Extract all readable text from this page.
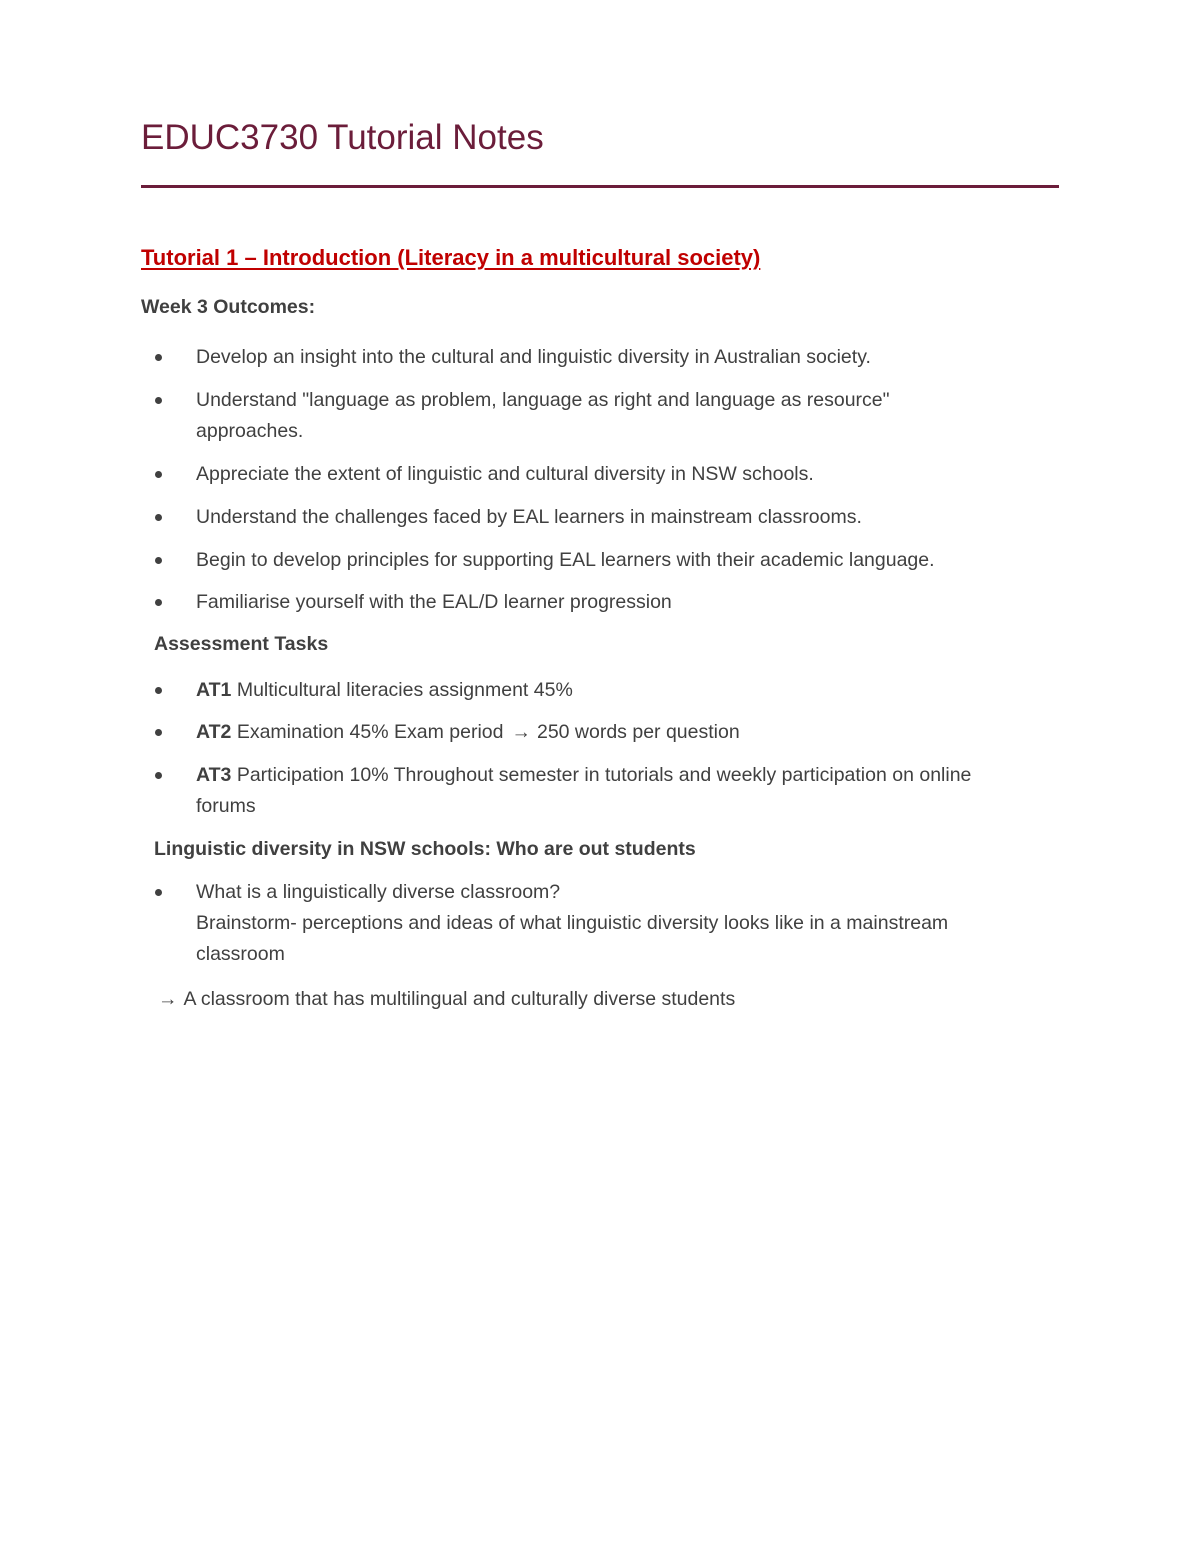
EDUC3730 Tutorial Notes
Tutorial 1 – Introduction (Literacy in a multicultural society)

Week 3 Outcomes:

Develop an insight into the cultural and linguistic diversity in Australian society.
Understand "language as problem, language as right and language as resource" approaches.
Appreciate the extent of linguistic and cultural diversity in NSW schools.
Understand the challenges faced by EAL learners in mainstream classrooms.
Begin to develop principles for supporting EAL learners with their academic language.
Familiarise yourself with the EAL/D learner progression

Assessment Tasks

AT1 Multicultural literacies assignment 45%
AT2 Examination 45% Exam period → 250 words per question
AT3 Participation 10% Throughout semester in tutorials and weekly participation on online forums

Linguistic diversity in NSW schools: Who are out students

What is a linguistically diverse classroom?
Brainstorm- perceptions and ideas of what linguistic diversity looks like in a mainstream classroom
→ A classroom that has multilingual and culturally diverse students
